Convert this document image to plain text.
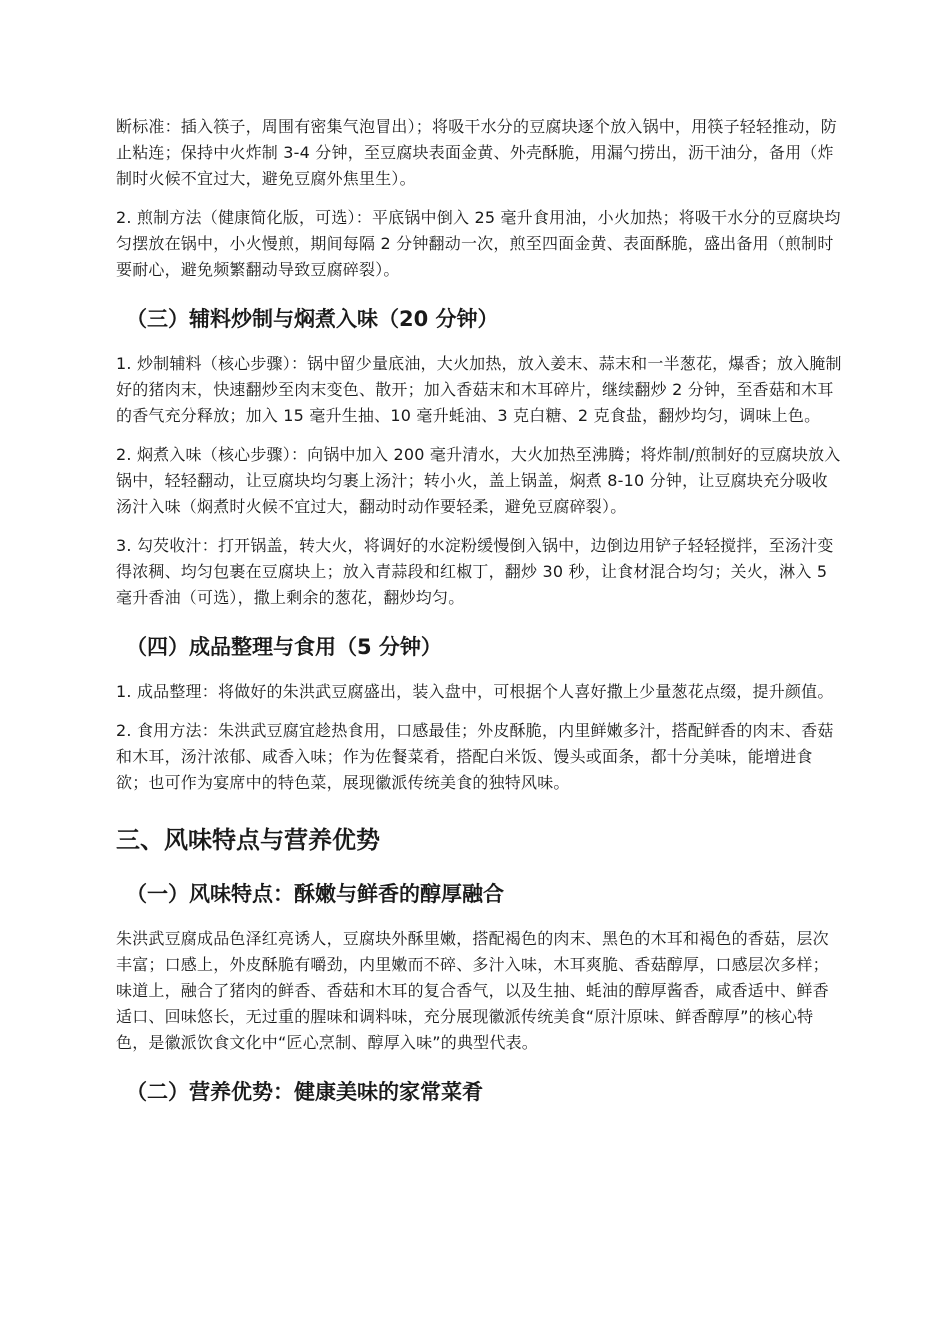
断标准：插入筷子，周围有密集气泡冒出）；将吸干水分的豆腐块逐个放入锅中，用筷子轻轻推动，防止粘连；保持中火炸制 3-4 分钟，至豆腐块表面金黄、外壳酥脆，用漏勺捞出，沥干油分，备用（炸制时火候不宜过大，避免豆腐外焦里生）。

2. 煎制方法（健康简化版，可选）：平底锅中倒入 25 毫升食用油，小火加热；将吸干水分的豆腐块均匀摆放在锅中，小火慢煎，期间每隔 2 分钟翻动一次，煎至四面金黄、表面酥脆，盛出备用（煎制时要耐心，避免频繁翻动导致豆腐碎裂）。

（三）辅料炒制与焖煮入味（20 分钟）

1. 炒制辅料（核心步骤）：锅中留少量底油，大火加热，放入姜末、蒜末和一半葱花，爆香；放入腌制好的猪肉末，快速翻炒至肉末变色、散开；加入香菇末和木耳碎片，继续翻炒 2 分钟，至香菇和木耳的香气充分释放；加入 15 毫升生抽、10 毫升蚝油、3 克白糖、2 克食盐，翻炒均匀，调味上色。

2. 焖煮入味（核心步骤）：向锅中加入 200 毫升清水，大火加热至沸腾；将炸制/煎制好的豆腐块放入锅中，轻轻翻动，让豆腐块均匀裹上汤汁；转小火，盖上锅盖，焖煮 8-10 分钟，让豆腐块充分吸收汤汁入味（焖煮时火候不宜过大，翻动时动作要轻柔，避免豆腐碎裂）。

3. 勾芡收汁：打开锅盖，转大火，将调好的水淀粉缓慢倒入锅中，边倒边用铲子轻轻搅拌，至汤汁变得浓稠、均匀包裹在豆腐块上；放入青蒜段和红椒丁，翻炒 30 秒，让食材混合均匀；关火，淋入 5 毫升香油（可选），撒上剩余的葱花，翻炒均匀。

（四）成品整理与食用（5 分钟）

1. 成品整理：将做好的朱洪武豆腐盛出，装入盘中，可根据个人喜好撒上少量葱花点缀，提升颜值。

2. 食用方法：朱洪武豆腐宜趁热食用，口感最佳；外皮酥脆，内里鲜嫩多汁，搭配鲜香的肉末、香菇和木耳，汤汁浓郁、咸香入味；作为佐餐菜肴，搭配白米饭、馒头或面条，都十分美味，能增进食欲；也可作为宴席中的特色菜，展现徽派传统美食的独特风味。

三、风味特点与营养优势
（一）风味特点：酥嫩与鲜香的醇厚融合

朱洪武豆腐成品色泽红亮诱人，豆腐块外酥里嫩，搭配褐色的肉末、黑色的木耳和褐色的香菇，层次丰富；口感上，外皮酥脆有嚼劲，内里嫩而不碎、多汁入味，木耳爽脆、香菇醇厚，口感层次多样；味道上，融合了猪肉的鲜香、香菇和木耳的复合香气，以及生抽、蚝油的醇厚酱香，咸香适中、鲜香适口、回味悠长，无过重的腥味和调料味，充分展现徽派传统美食“原汁原味、鲜香醇厚”的核心特色，是徽派饮食文化中“匠心烹制、醇厚入味”的典型代表。

（二）营养优势：健康美味的家常菜肴
